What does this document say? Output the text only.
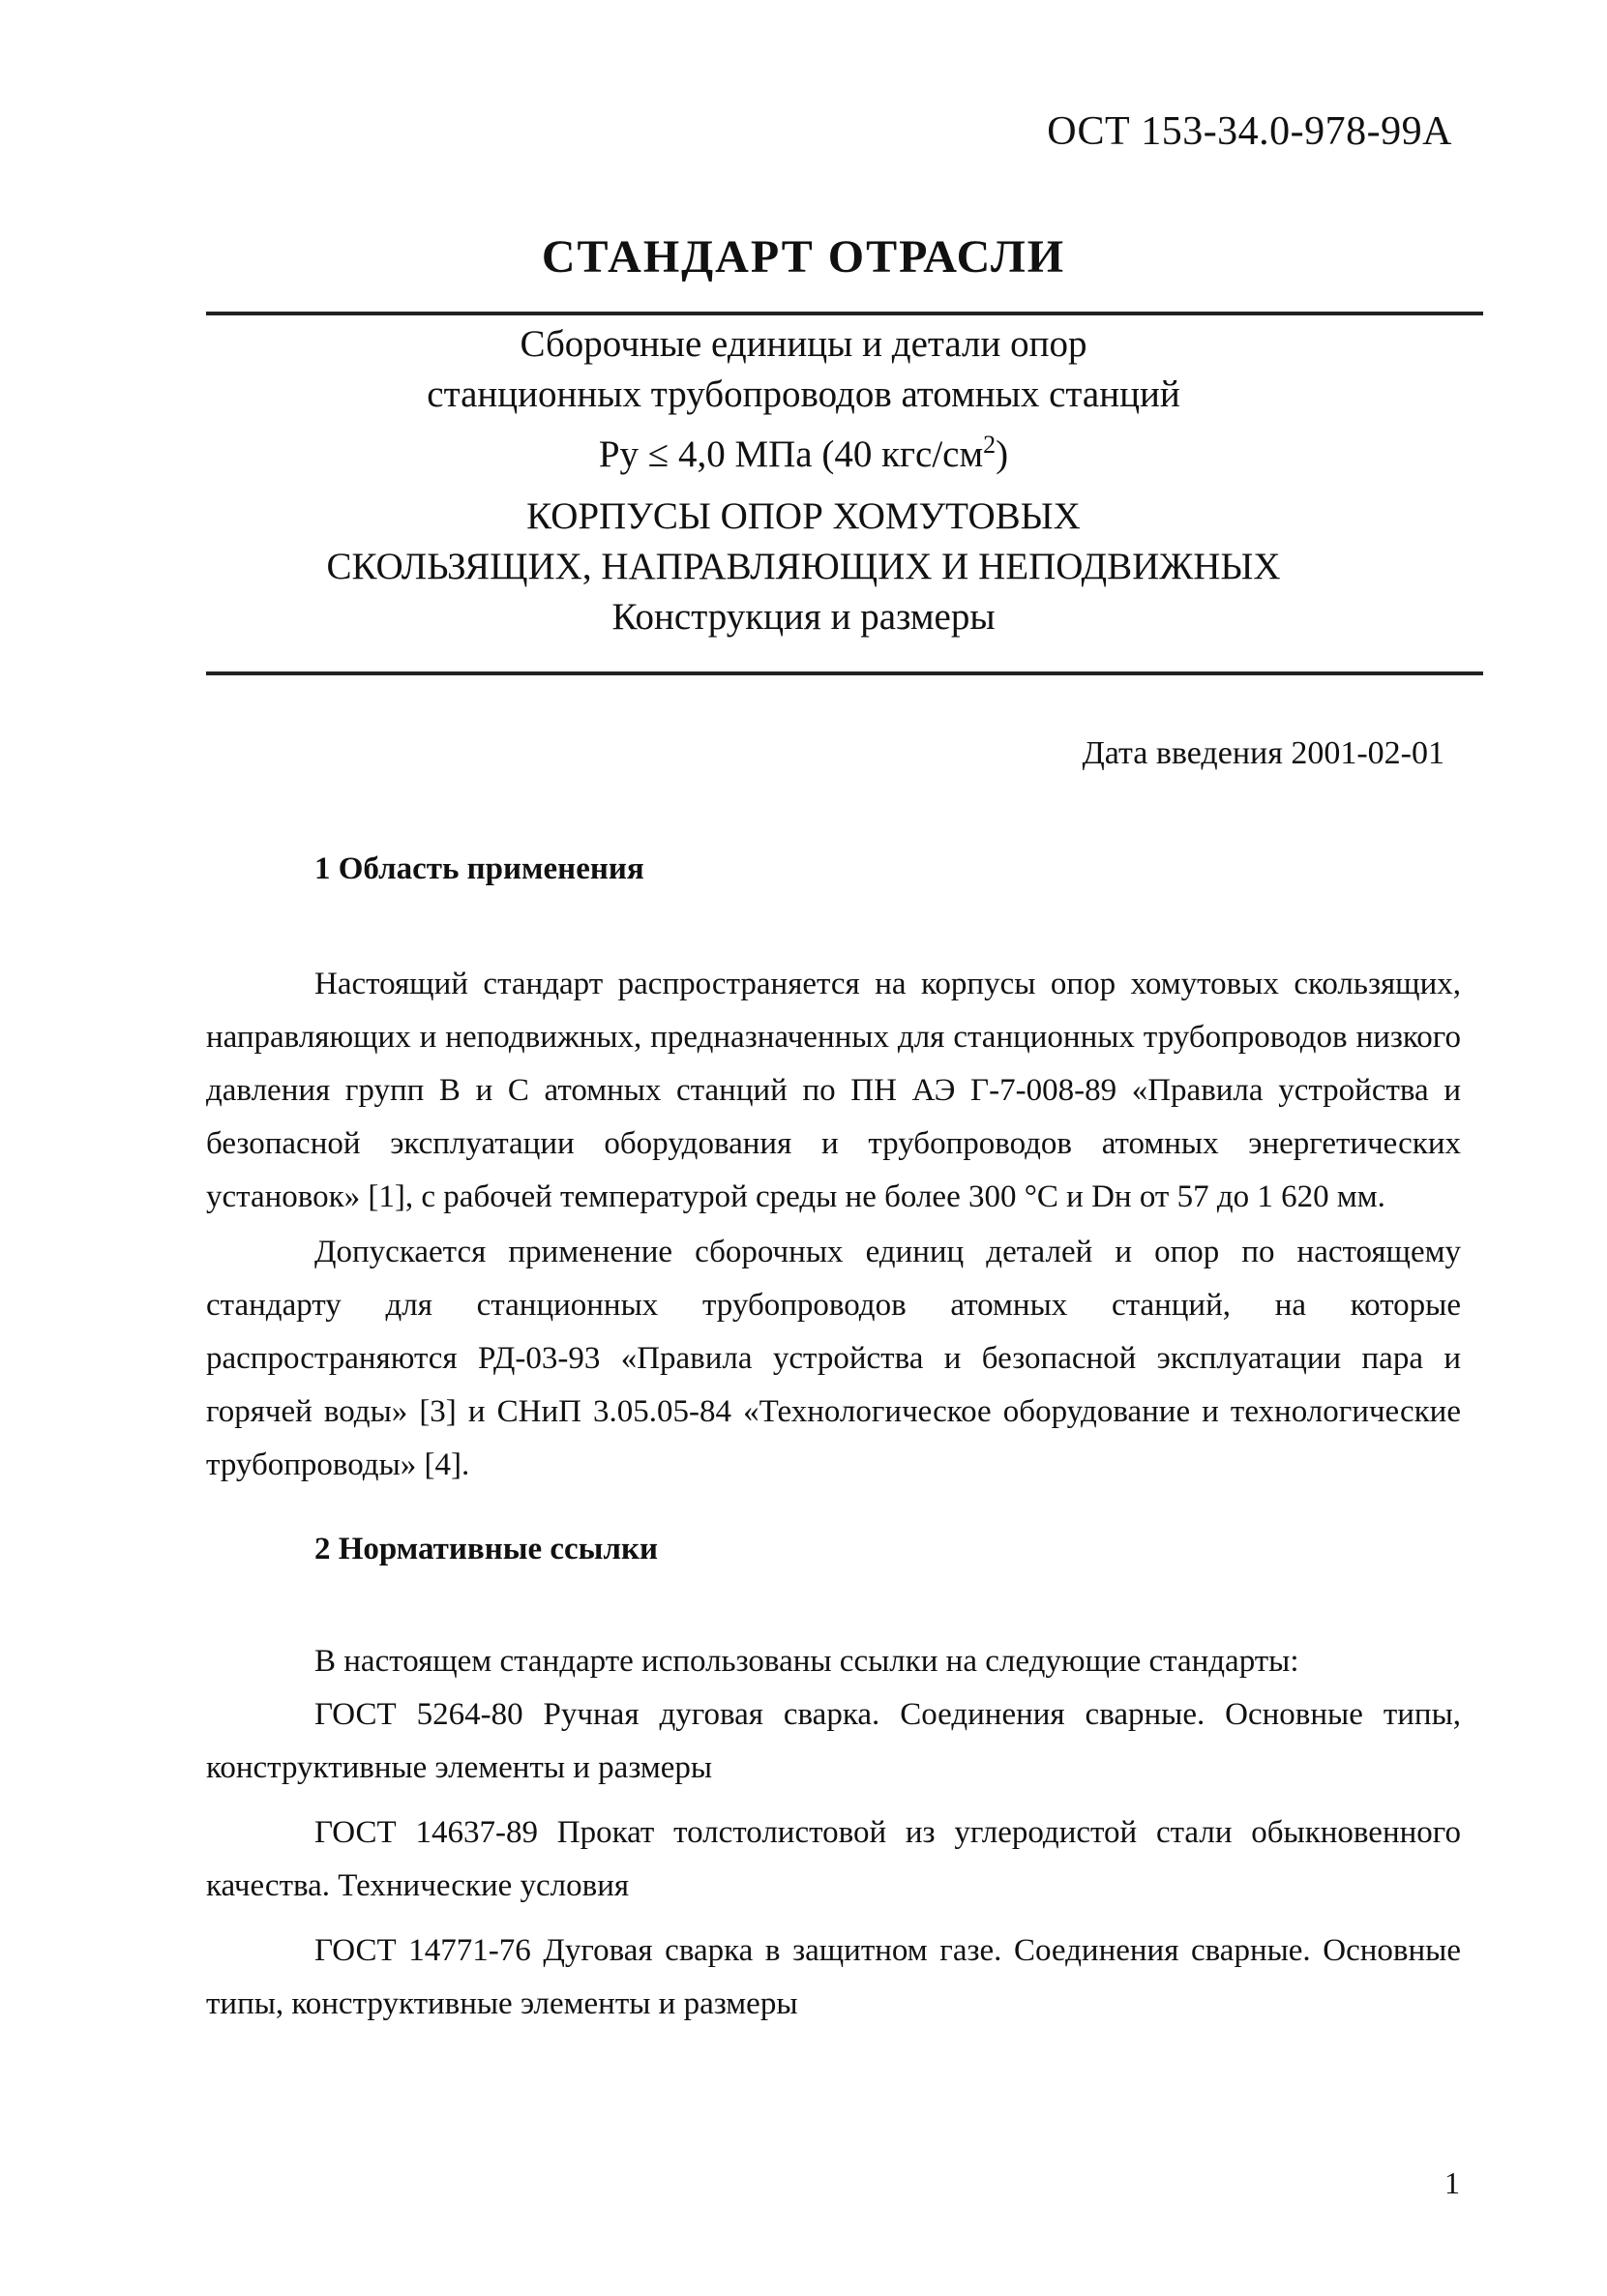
ОСТ 153-34.0-978-99А
СТАНДАРТ ОТРАСЛИ
Сборочные единицы и детали опор
станционных трубопроводов атомных станций
Ру ≤ 4,0 МПа (40 кгс/$см^2$)
КОРПУСЫ ОПОР ХОМУТОВЫХ
СКОЛЬЗЯЩИХ, НАПРАВЛЯЮЩИХ И НЕПОДВИЖНЫХ
Конструкция и размеры
Дата введения 2001-02-01
1 Область применения

Настоящий стандарт распространяется на корпусы опор хомутовых скользящих, направляющих и неподвижных, предназначенных для станционных трубопроводов низкого давления групп В и С атомных станций по ПН АЭ Г-7-008-89 «Правила устройства и безопасной эксплуатации оборудования и трубопроводов атомных энергетических установок» [1], с рабочей температурой среды не более 300 °С и Dн от 57 до 1 620 мм.

Допускается применение сборочных единиц деталей и опор по настоящему стандарту для станционных трубопроводов атомных станций, на которые распространяются РД-03-93 «Правила устройства и безопасной эксплуатации пара и горячей воды» [3] и СНиП 3.05.05-84 «Технологическое оборудование и технологические трубопроводы» [4].

2 Нормативные ссылки

В настоящем стандарте использованы ссылки на следующие стандарты:

ГОСТ 5264-80 Ручная дуговая сварка. Соединения сварные. Основные типы, конструктивные элементы и размеры

ГОСТ 14637-89 Прокат толстолистовой из углеродистой стали обыкновенного качества. Технические условия

ГОСТ 14771-76 Дуговая сварка в защитном газе. Соединения сварные. Основные типы, конструктивные элементы и размеры

1
